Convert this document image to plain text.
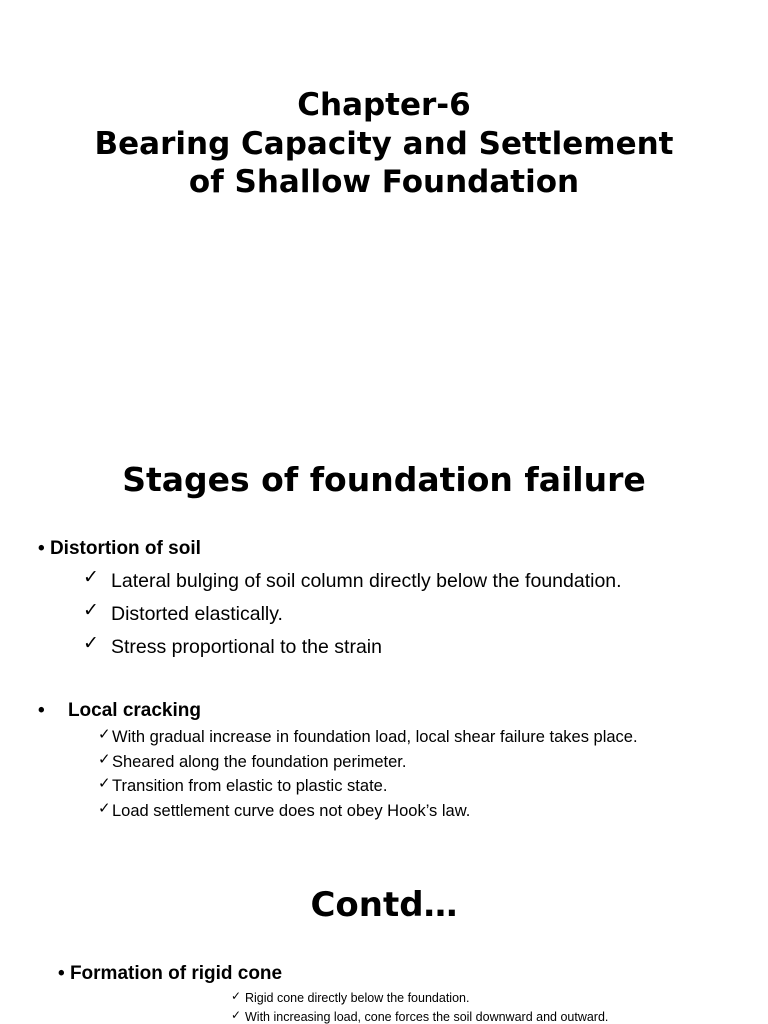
Chapter-6
Bearing Capacity and Settlement
of Shallow Foundation
Stages of foundation failure
• Distortion of soil
✓ Lateral bulging of soil column directly below the foundation.
✓ Distorted elastically.
✓ Stress proportional to the strain
• Local cracking
✓ With gradual increase in foundation load, local shear failure takes place.
✓ Sheared along the foundation perimeter.
✓ Transition from elastic to plastic state.
✓ Load settlement curve does not obey Hook’s law.
Contd…
• Formation of rigid cone
✓ Rigid cone directly below the foundation.
✓ With increasing load, cone forces the soil downward and outward.
